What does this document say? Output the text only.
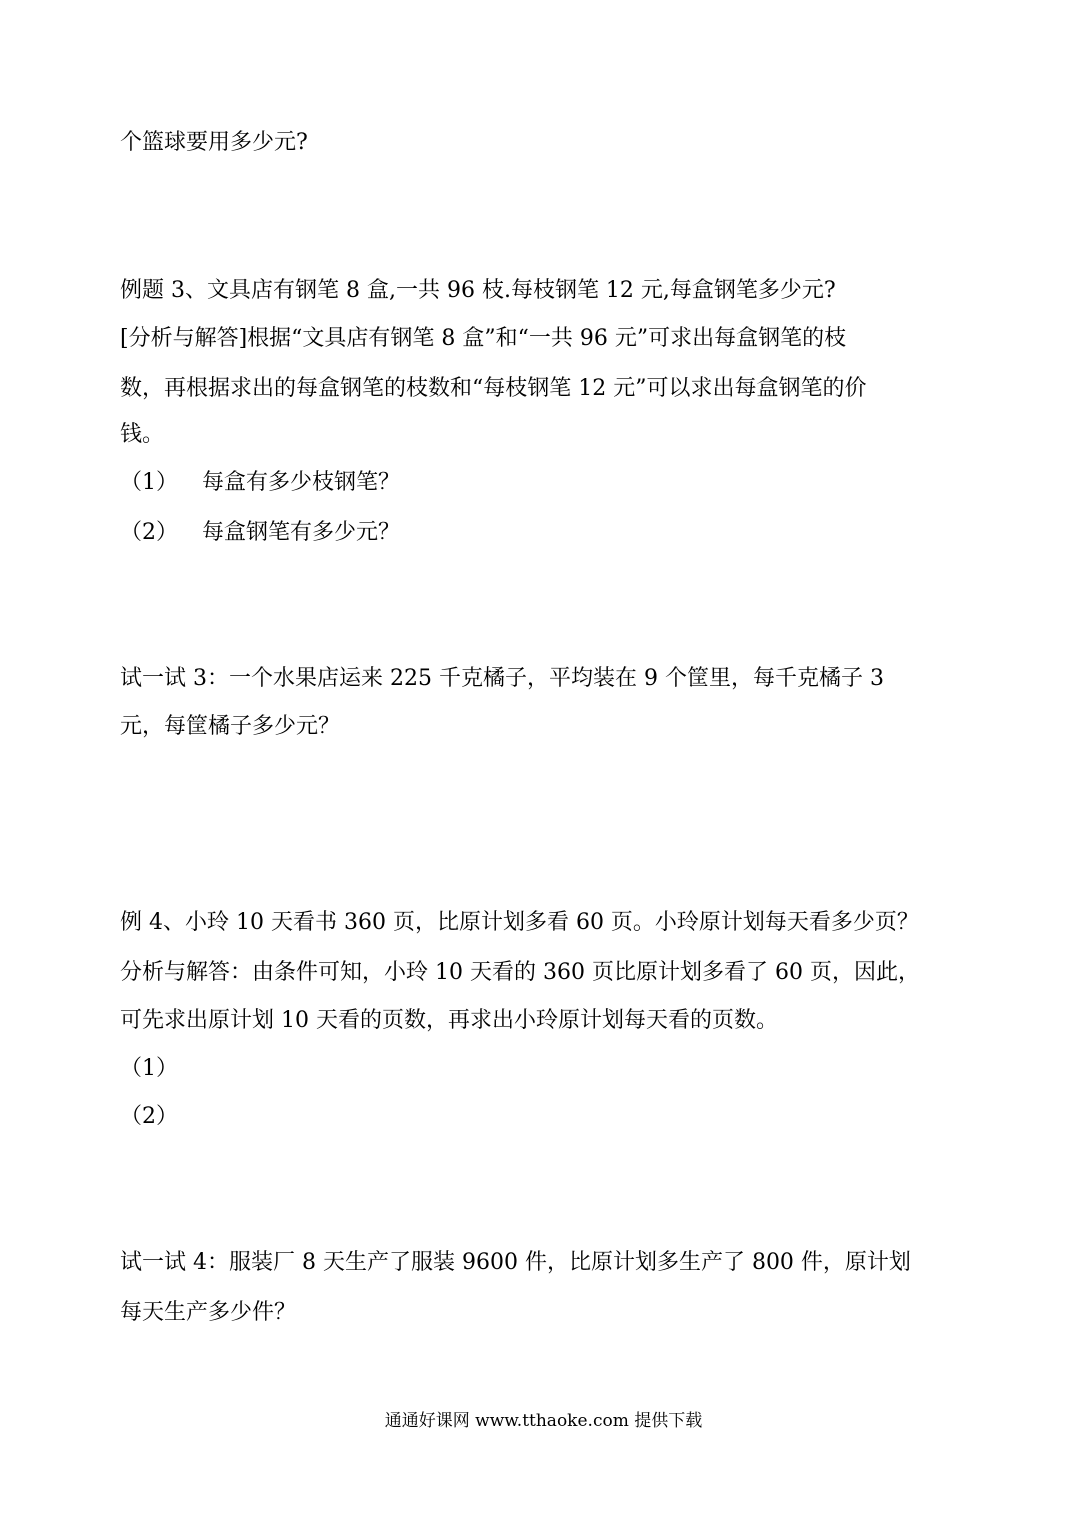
个篮球要用多少元?
例题 3、文具店有钢笔 8 盒,一共 96 枝.每枝钢笔 12 元,每盒钢笔多少元?
[分析与解答]根据“文具店有钢笔 8 盒”和“一共 96 元”可求出每盒钢笔的枝
数，再根据求出的每盒钢笔的枝数和“每枝钢笔 12 元”可以求出每盒钢笔的价
钱。
（1） 每盒有多少枝钢笔？
（2） 每盒钢笔有多少元？
试一试 3：一个水果店运来 225 千克橘子，平均装在 9 个筐里，每千克橘子 3
元，每筐橘子多少元？
例 4、小玲 10 天看书 360 页，比原计划多看 60 页。小玲原计划每天看多少页？
分析与解答：由条件可知，小玲 10 天看的 360 页比原计划多看了 60 页，因此，
可先求出原计划 10 天看的页数，再求出小玲原计划每天看的页数。
（1）
（2）
试一试 4：服装厂 8 天生产了服装 9600 件，比原计划多生产了 800 件，原计划
每天生产多少件？
通通好课网 www.tthaoke.com 提供下载
